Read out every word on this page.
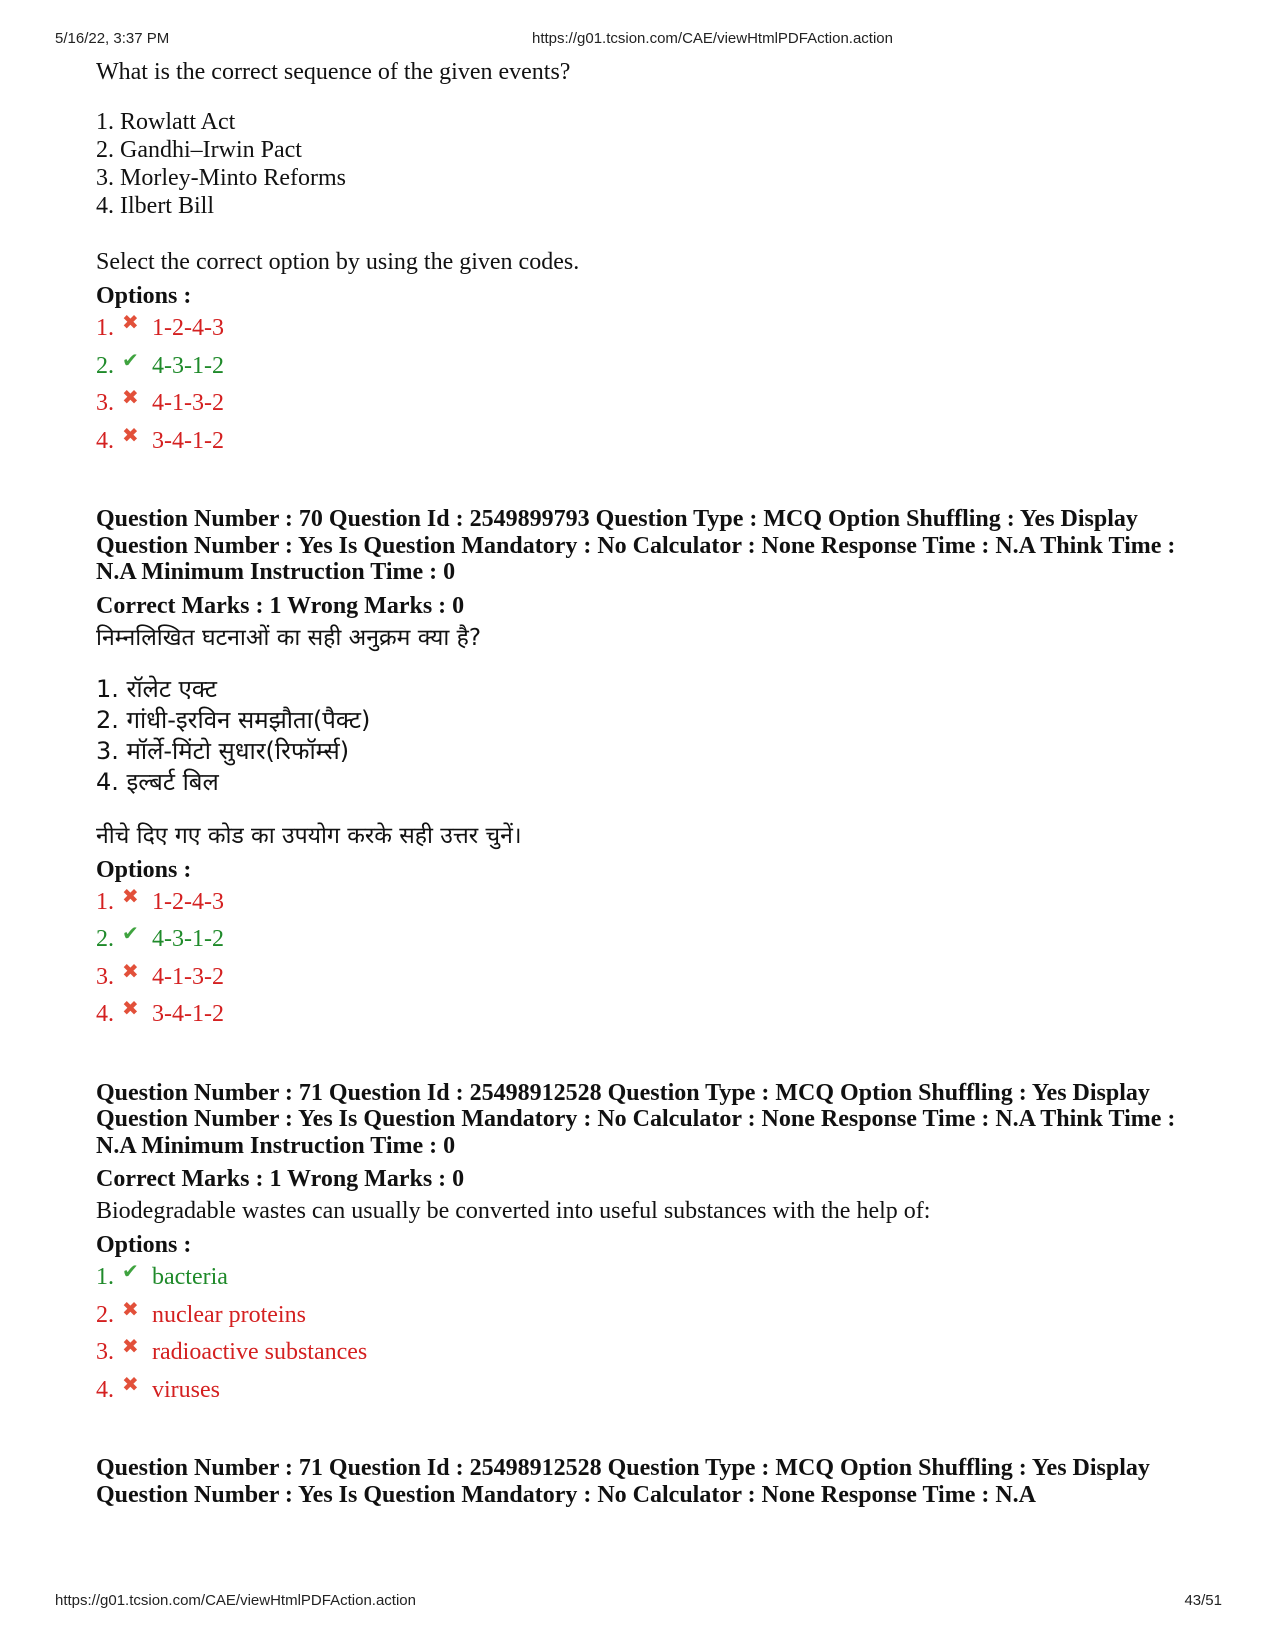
5/16/22, 3:37 PM	https://g01.tcsion.com/CAE/viewHtmlPDFAction.action

What is the correct sequence of the given events?

1. Rowlatt Act
2. Gandhi–Irwin Pact
3. Morley-Minto Reforms
4. Ilbert Bill

Select the correct option by using the given codes.

Options :
1. ✖ 1-2-4-3
2. ✔ 4-3-1-2
3. ✖ 4-1-3-2
4. ✖ 3-4-1-2

Question Number : 70 Question Id : 2549899793 Question Type : MCQ Option Shuffling : Yes Display Question Number : Yes Is Question Mandatory : No Calculator : None Response Time : N.A Think Time : N.A Minimum Instruction Time : 0

Correct Marks : 1 Wrong Marks : 0

निम्नलिखित घटनाओं का सही अनुक्रम क्या है?

1. रॉलेट एक्ट
2. गांधी-इरविन समझौता(पैक्ट)
3. मॉर्ले-मिंटो सुधार(रिफॉर्म्स)
4. इल्बर्ट बिल

नीचे दिए गए कोड का उपयोग करके सही उत्तर चुनें।

Options :
1. ✖ 1-2-4-3
2. ✔ 4-3-1-2
3. ✖ 4-1-3-2
4. ✖ 3-4-1-2

Question Number : 71 Question Id : 25498912528 Question Type : MCQ Option Shuffling : Yes Display Question Number : Yes Is Question Mandatory : No Calculator : None Response Time : N.A Think Time : N.A Minimum Instruction Time : 0

Correct Marks : 1 Wrong Marks : 0

Biodegradable wastes can usually be converted into useful substances with the help of:

Options :
1. ✔ bacteria
2. ✖ nuclear proteins
3. ✖ radioactive substances
4. ✖ viruses

Question Number : 71 Question Id : 25498912528 Question Type : MCQ Option Shuffling : Yes Display Question Number : Yes Is Question Mandatory : No Calculator : None Response Time : N.A

https://g01.tcsion.com/CAE/viewHtmlPDFAction.action	43/51
